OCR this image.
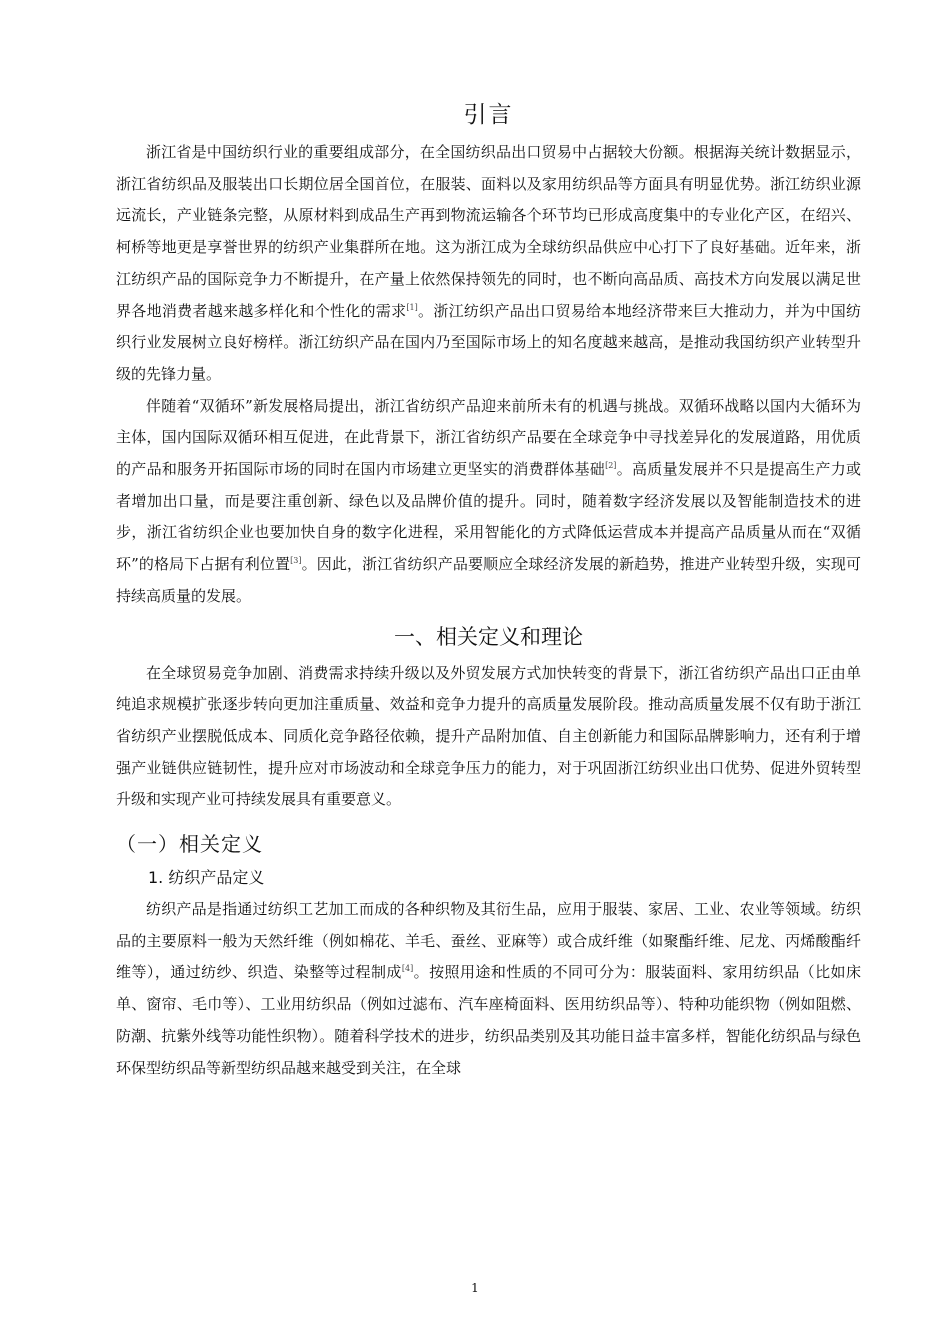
引言

浙江省是中国纺织行业的重要组成部分，在全国纺织品出口贸易中占据较大份额。根据海关统计数据显示，浙江省纺织品及服装出口长期位居全国首位，在服装、面料以及家用纺织品等方面具有明显优势。浙江纺织业源远流长，产业链条完整，从原材料到成品生产再到物流运输各个环节均已形成高度集中的专业化产区，在绍兴、柯桥等地更是享誉世界的纺织产业集群所在地。这为浙江成为全球纺织品供应中心打下了良好基础。近年来，浙江纺织产品的国际竞争力不断提升，在产量上依然保持领先的同时，也不断向高品质、高技术方向发展以满足世界各地消费者越来越多样化和个性化的需求[1]。浙江纺织产品出口贸易给本地经济带来巨大推动力，并为中国纺织行业发展树立良好榜样。浙江纺织产品在国内乃至国际市场上的知名度越来越高，是推动我国纺织产业转型升级的先锋力量。

伴随着“双循环”新发展格局提出，浙江省纺织产品迎来前所未有的机遇与挑战。双循环战略以国内大循环为主体，国内国际双循环相互促进，在此背景下，浙江省纺织产品要在全球竞争中寻找差异化的发展道路，用优质的产品和服务开拓国际市场的同时在国内市场建立更坚实的消费群体基础[2]。高质量发展并不只是提高生产力或者增加出口量，而是要注重创新、绿色以及品牌价值的提升。同时，随着数字经济发展以及智能制造技术的进步，浙江省纺织企业也要加快自身的数字化进程，采用智能化的方式降低运营成本并提高产品质量从而在“双循环”的格局下占据有利位置[3]。因此，浙江省纺织产品要顺应全球经济发展的新趋势，推进产业转型升级，实现可持续高质量的发展。

一、相关定义和理论

在全球贸易竞争加剧、消费需求持续升级以及外贸发展方式加快转变的背景下，浙江省纺织产品出口正由单纯追求规模扩张逐步转向更加注重质量、效益和竞争力提升的高质量发展阶段。推动高质量发展不仅有助于浙江省纺织产业摆脱低成本、同质化竞争路径依赖，提升产品附加值、自主创新能力和国际品牌影响力，还有利于增强产业链供应链韧性，提升应对市场波动和全球竞争压力的能力，对于巩固浙江纺织业出口优势、促进外贸转型升级和实现产业可持续发展具有重要意义。

（一）相关定义
1. 纺织产品定义

纺织产品是指通过纺织工艺加工而成的各种织物及其衍生品，应用于服装、家居、工业、农业等领域。纺织品的主要原料一般为天然纤维（例如棉花、羊毛、蚕丝、亚麻等）或合成纤维（如聚酯纤维、尼龙、丙烯酸酯纤维等），通过纺纱、织造、染整等过程制成[4]。按照用途和性质的不同可分为：服装面料、家用纺织品（比如床单、窗帘、毛巾等）、工业用纺织品（例如过滤布、汽车座椅面料、医用纺织品等）、特种功能织物（例如阻燃、防潮、抗紫外线等功能性织物）。随着科学技术的进步，纺织品类别及其功能日益丰富多样，智能化纺织品与绿色环保型纺织品等新型纺织品越来越受到关注，在全球

1
